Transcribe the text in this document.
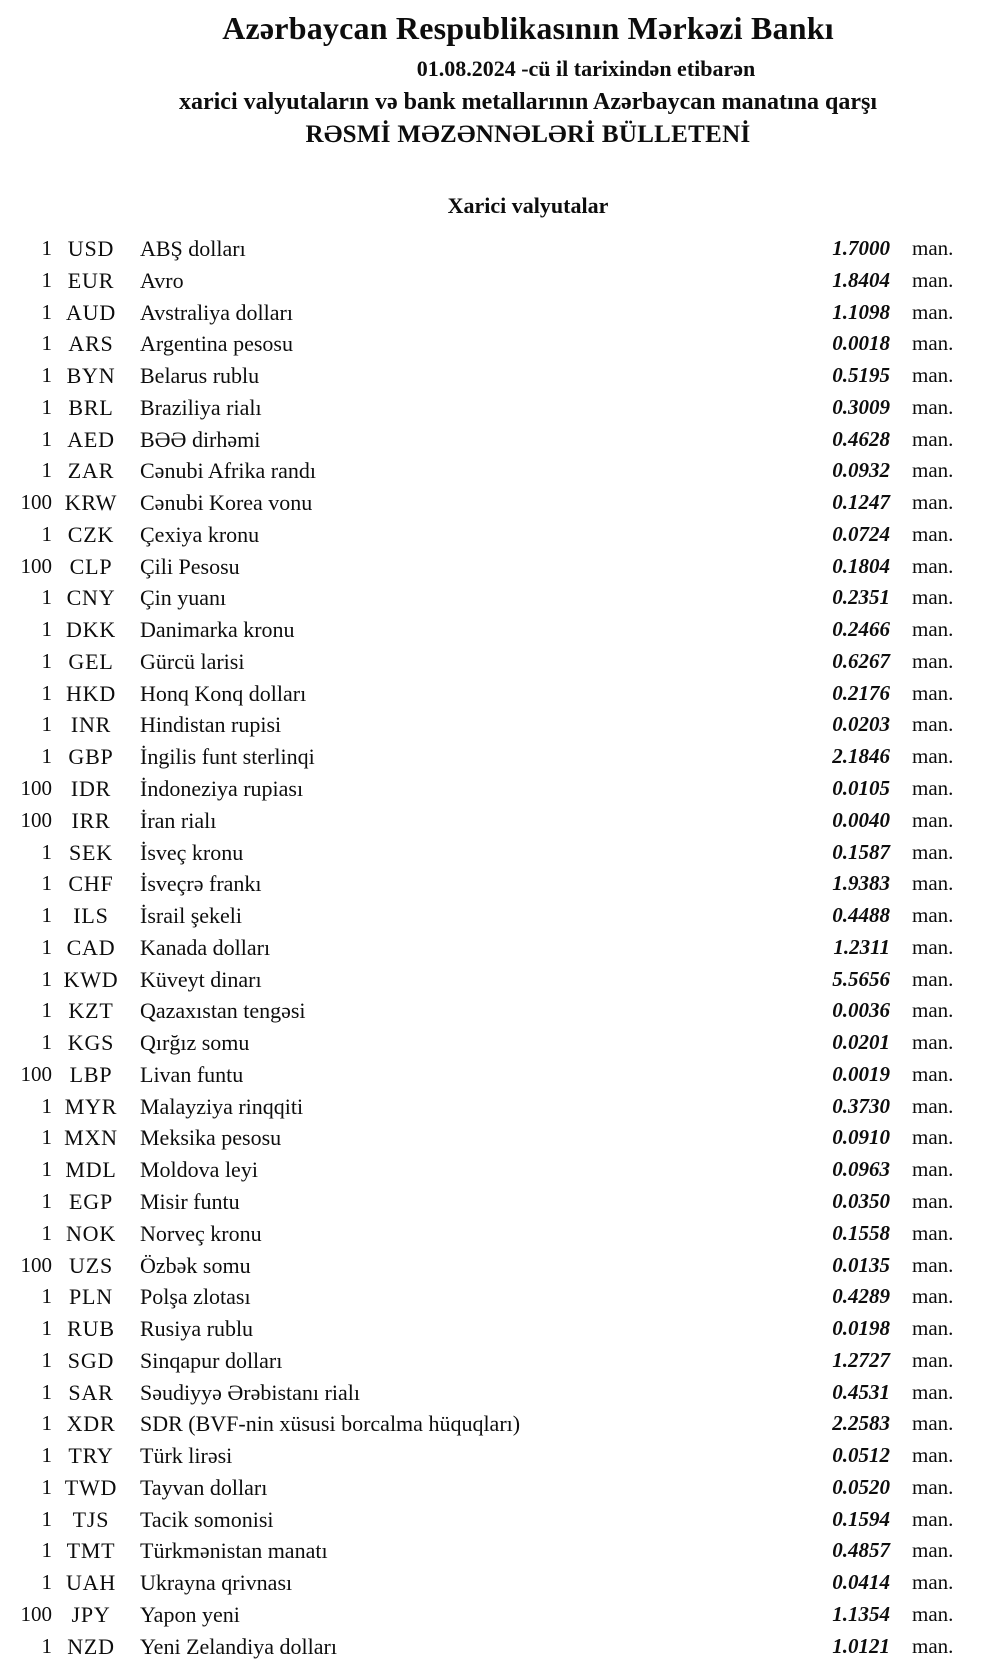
Azərbaycan Respublikasının Mərkəzi Bankı
01.08.2024 -cü il tarixindən etibarən
xarici valyutaların və bank metallarının Azərbaycan manatına qarşı
RƏSMİ MƏZƏNNƏLƏRİ BÜLLETENİ
Xarici valyutalar
1 USD	ABŞ dolları	1.7000	man.
1 EUR	Avro	1.8404	man.
1 AUD	Avstraliya dolları	1.1098	man.
1 ARS	Argentina pesosu	0.0018	man.
1 BYN	Belarus rublu	0.5195	man.
1 BRL	Braziliya rialı	0.3009	man.
1 AED	BƏƏ dirhəmi	0.4628	man.
1 ZAR	Cənubi Afrika randı	0.0932	man.
100 KRW	Cənubi Korea vonu	0.1247	man.
1 CZK	Çexiya kronu	0.0724	man.
100 CLP	Çili Pesosu	0.1804	man.
1 CNY	Çin yuanı	0.2351	man.
1 DKK	Danimarka kronu	0.2466	man.
1 GEL	Gürcü larisi	0.6267	man.
1 HKD	Honq Konq dolları	0.2176	man.
1 INR	Hindistan rupisi	0.0203	man.
1 GBP	İngilis funt sterlinqi	2.1846	man.
100 IDR	İndoneziya rupiası	0.0105	man.
100 IRR	İran rialı	0.0040	man.
1 SEK	İsveç kronu	0.1587	man.
1 CHF	İsveçrə frankı	1.9383	man.
1 ILS	İsrail şekeli	0.4488	man.
1 CAD	Kanada dolları	1.2311	man.
1 KWD Küveyt dinarı	5.5656	man.
1 KZT	Qazaxıstan tengəsi	0.0036	man.
1 KGS	Qırğız somu	0.0201	man.
100 LBP	Livan funtu	0.0019	man.
1 MYR	Malayziya rinqqiti	0.3730	man.
1 MXN	Meksika pesosu	0.0910	man.
1 MDL	Moldova leyi	0.0963	man.
1 EGP	Misir funtu	0.0350	man.
1 NOK	Norveç kronu	0.1558	man.
100 UZS	Özbək somu	0.0135	man.
1 PLN	Polşa zlotası	0.4289	man.
1 RUB	Rusiya rublu	0.0198	man.
1 SGD	Sinqapur dolları	1.2727	man.
1 SAR	Səudiyyə Ərəbistanı rialı	0.4531	man.
1 XDR	SDR (BVF-nin xüsusi borcalma hüquqları)	2.2583	man.
1 TRY	Türk lirəsi	0.0512	man.
1 TWD	Tayvan dolları	0.0520	man.
1 TJS	Tacik somonisi	0.1594	man.
1 TMT	Türkmənistan manatı	0.4857	man.
1 UAH	Ukrayna qrivnası	0.0414	man.
100 JPY	Yapon yeni	1.1354	man.
1 NZD	Yeni Zelandiya dolları	1.0121	man.
